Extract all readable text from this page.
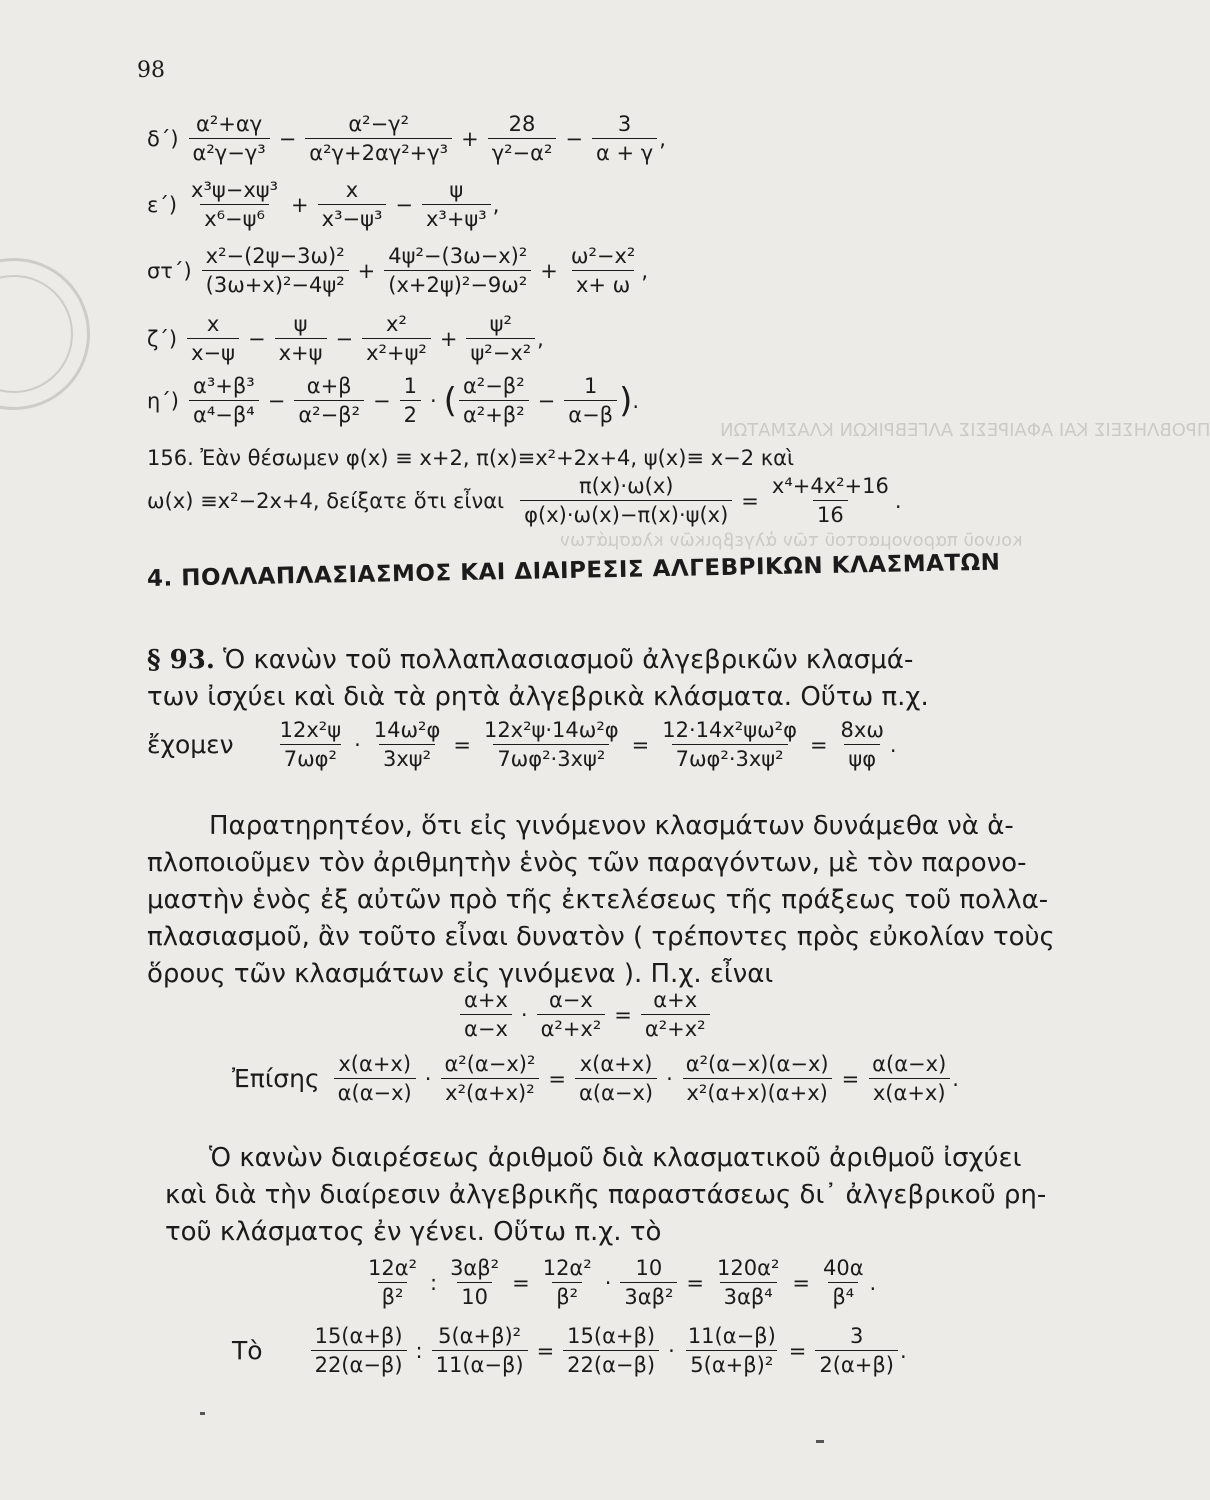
ΠΡΟΒΛΗΣΕΙΣ ΚΑΙ ΑΦΑΙΡΕΣΙΣ ΑΛΓΕΒΡΙΚΩΝ ΚΛΑΣΜΑΤΩΝ
κοινοῦ παρονομαστοῦ τῶν ἀλγεβρικῶν κλασμάτων
98
$\delta΄) \frac{\text{α²+αγ}}{\text{α²γ−γ³}} - \frac{\text{α²−γ²}}{\text{α²γ+2αγ²+γ³}} + \frac{28}{\text{γ²−α²}} - \frac{3}{\alpha + \gamma}$ ,
$\varepsilon΄) \frac{\text{x³ψ−xψ³}}{\text{x⁶−ψ⁶}} + \frac{x}{\text{x³−ψ³}} - \frac{\psi}{\text{x³+ψ³}}$ ,
$\sigma\tau΄) \frac{\text{x²−(2ψ−3ω)²}}{\text{(3ω+x)²−4ψ²}} + \frac{\text{4ψ²−(3ω−x)²}}{\text{(x+2ψ)²−9ω²}} + \frac{\text{ω²−x²}}{x+ \omega}$ ,
$\zeta΄) \frac{x}{x-\psi} - \frac{\psi}{x+\psi} - \frac{\text{x²}}{\text{x²+ψ²}} + \frac{\text{ψ²}}{\text{ψ²−x²}}$ ,
$\eta΄) \frac{\text{α³+β³}}{\text{α⁴−β⁴}} - \frac{\alpha+\beta}{\text{α²−β²}} - \frac{1}{2}$ · ( $\frac{\text{α²−β²}}{\text{α²+β²}} - \frac{1}{\alpha-\beta}$ ) .
156. Ἐὰν θέσωμεν φ(x) ≡ x+2, π(x)≡x²+2x+4, ψ(x)≡ x−2 καὶ
ω(x) ≡x²−2x+4, δείξατε ὅτι εἶναι $\frac{\pi(x)\cdot\omega(x)}{\varphi(x)\cdot\omega(x)-\pi(x)\cdot\psi(x)} = \frac{\text{x⁴+4x²+16}}{16}$ .
4. ΠΟΛΛΑΠΛΑΣΙΑΣΜΟΣ ΚΑΙ ΔΙΑΙΡΕΣΙΣ ΑΛΓΕΒΡΙΚΩΝ ΚΛΑΣΜΑΤΩΝ
§ 93. Ὁ κανὼν τοῦ πολλαπλασιασμοῦ ἀλγεβρικῶν κλασμά-
των ἰσχύει καὶ διὰ τὰ ρητὰ ἀλγεβρικὰ κλάσματα. Οὕτω π.χ.
ἔχομεν $\frac{\text{12x²ψ}}{\text{7ωφ²}} \cdot \frac{\text{14ω²φ}}{\text{3xψ²}} = \frac{\text{12x²ψ·14ω²φ}}{\text{7ωφ²·3xψ²}} = \frac{\text{12·14x²ψω²φ}}{\text{7ωφ²·3xψ²}} = \frac{8x\omega}{\psi\varphi}$ .
Παρατηρητέον, ὅτι εἰς γινόμενον κλασμάτων δυνάμεθα νὰ ἁ-
πλοποιοῦμεν τὸν ἀριθμητὴν ἑνὸς τῶν παραγόντων, μὲ τὸν παρονο-
μαστὴν ἑνὸς ἐξ αὐτῶν πρὸ τῆς ἐκτελέσεως τῆς πράξεως τοῦ πολλα-
πλασιασμοῦ, ἂν τοῦτο εἶναι δυνατὸν ( τρέποντες πρὸς εὐκολίαν τοὺς
ὅρους τῶν κλασμάτων εἰς γινόμενα ). Π.χ. εἶναι
$\frac{\alpha+x}{\alpha-x} \cdot \frac{\alpha-x}{\text{α²+x²}} = \frac{\alpha+x}{\text{α²+x²}}$
Ἐπίσης $\frac{x(\alpha+x)}{\alpha(\alpha-x)} \cdot \frac{\text{α²(α−x)²}}{\text{x²(α+x)²}} = \frac{x(\alpha+x)}{\alpha(\alpha-x)} \cdot \frac{\text{α²(α−x)(α−x)}}{\text{x²(α+x)(α+x)}} = \frac{\alpha(\alpha-x)}{x(\alpha+x)}$ .
Ὁ κανὼν διαιρέσεως ἀριθμοῦ διὰ κλασματικοῦ ἀριθμοῦ ἰσχύει
καὶ διὰ τὴν διαίρεσιν ἀλγεβρικῆς παραστάσεως δι᾽ ἀλγεβρικοῦ ρη-
τοῦ κλάσματος ἐν γένει. Οὕτω π.χ. τὸ
$\frac{\text{12α²}}{\text{β²}}$ : $\frac{\text{3αβ²}}{10} = \frac{\text{12α²}}{\text{β²}} \cdot \frac{10}{\text{3αβ²}} = \frac{\text{120α²}}{\text{3αβ⁴}} = \frac{40\alpha}{\text{β⁴}}$ .
Τὸ $\frac{15(\alpha+\beta)}{22(\alpha-\beta)}$ : $\frac{\text{5(α+β)²}}{11(\alpha-\beta)} = \frac{15(\alpha+\beta)}{22(\alpha-\beta)} \cdot \frac{11(\alpha-\beta)}{\text{5(α+β)²}} = \frac{3}{2(\alpha+\beta)}$ .
